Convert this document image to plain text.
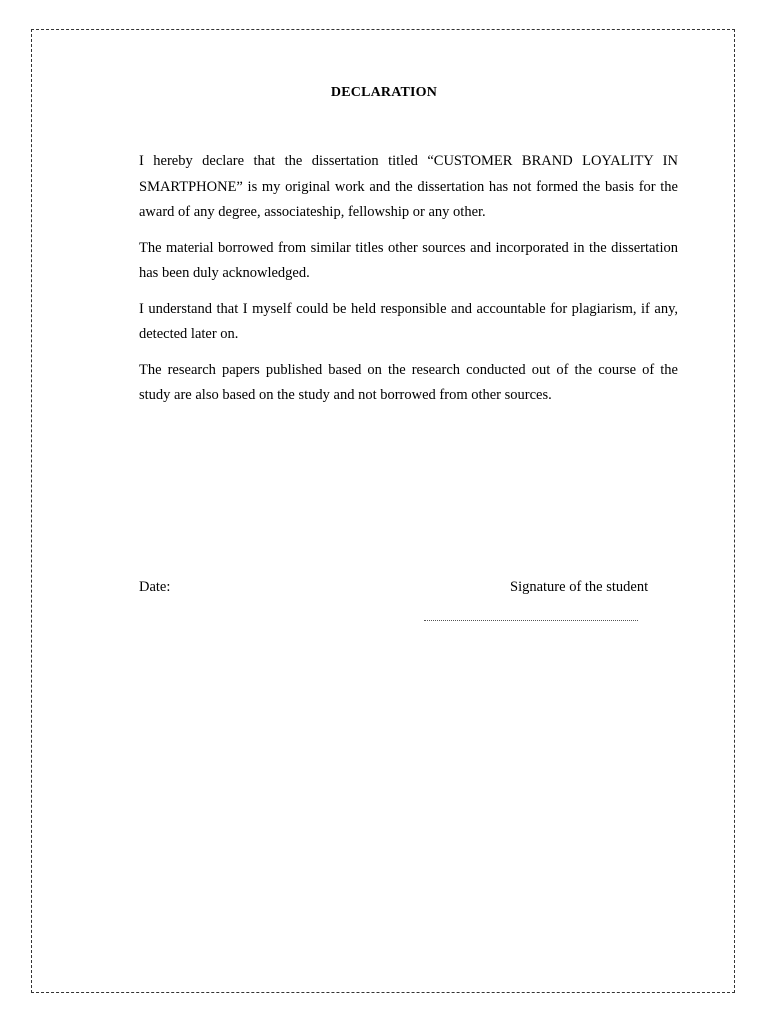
DECLARATION

I hereby declare that the dissertation titled “CUSTOMER BRAND LOYALITY IN SMARTPHONE” is my original work and the dissertation has not formed the basis for the award of any degree, associateship, fellowship or any other.

The material borrowed from similar titles other sources and incorporated in the dissertation has been duly acknowledged.

I understand that I myself could be held responsible and accountable for plagiarism, if any, detected later on.

The research papers published based on the research conducted out of the course of the study are also based on the study and not borrowed from other sources.

Date:	Signature of the student
